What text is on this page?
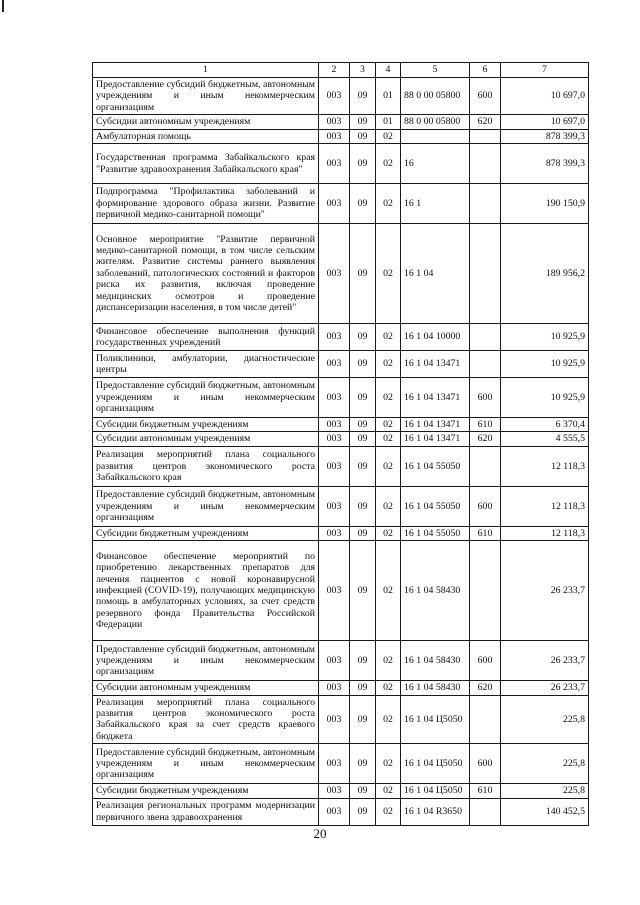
1	2	3	4	5	6	7
Предоставление субсидий бюджетным, автономным учреждениям и иным некоммерческим организациям	003	09	01	88 0 00 05800	600	10 697,0
Субсидии автономным учреждениям	003	09	01	88 0 00 05800	620	10 697,0
Амбулаторная помощь	003	09	02			878 399,3
Государственная программа Забайкальского края "Развитие здравоохранения Забайкальского края"	003	09	02	16		878 399,3
Подпрограмма "Профилактика заболеваний и формирование здорового образа жизни. Развитие первичной медико-санитарной помощи"	003	09	02	16 1		190 150,9
Основное мероприятие "Развитие первичной медико-санитарной помощи, в том числе сельским жителям. Развитие системы раннего выявления заболеваний, патологических состояний и факторов риска их развития, включая проведение медицинских осмотров и проведение диспансеризации населения, в том числе детей"	003	09	02	16 1 04		189 956,2
Финансовое обеспечение выполнения функций государственных учреждений	003	09	02	16 1 04 10000		10 925,9
Поликлиники, амбулатории, диагностические центры	003	09	02	16 1 04 13471		10 925,9
Предоставление субсидий бюджетным, автономным учреждениям и иным некоммерческим организациям	003	09	02	16 1 04 13471	600	10 925,9
Субсидии бюджетным учреждениям	003	09	02	16 1 04 13471	610	6 370,4
Субсидии автономным учреждениям	003	09	02	16 1 04 13471	620	4 555,5
Реализация мероприятий плана социального развития центров экономического роста Забайкальского края	003	09	02	16 1 04 55050		12 118,3
Предоставление субсидий бюджетным, автономным учреждениям и иным некоммерческим организациям	003	09	02	16 1 04 55050	600	12 118,3
Субсидии бюджетным учреждениям	003	09	02	16 1 04 55050	610	12 118,3
Финансовое обеспечение мероприятий по приобретению лекарственных препаратов для лечения пациентов с новой коронавирусной инфекцией (COVID-19), получающих медицинскую помощь в амбулаторных условиях, за счет средств резервного фонда Правительства Российской Федерации	003	09	02	16 1 04 58430		26 233,7
Предоставление субсидий бюджетным, автономным учреждениям и иным некоммерческим организациям	003	09	02	16 1 04 58430	600	26 233,7
Субсидии автономным учреждениям	003	09	02	16 1 04 58430	620	26 233,7
Реализация мероприятий плана социального развития центров экономического роста Забайкальского края за счет средств краевого бюджета	003	09	02	16 1 04 Ц5050		225,8
Предоставление субсидий бюджетным, автономным учреждениям и иным некоммерческим организациям	003	09	02	16 1 04 Ц5050	600	225,8
Субсидии бюджетным учреждениям	003	09	02	16 1 04 Ц5050	610	225,8
Реализация региональных программ модернизации первичного звена здравоохранения	003	09	02	16 1 04 R3650		140 452,5
20
